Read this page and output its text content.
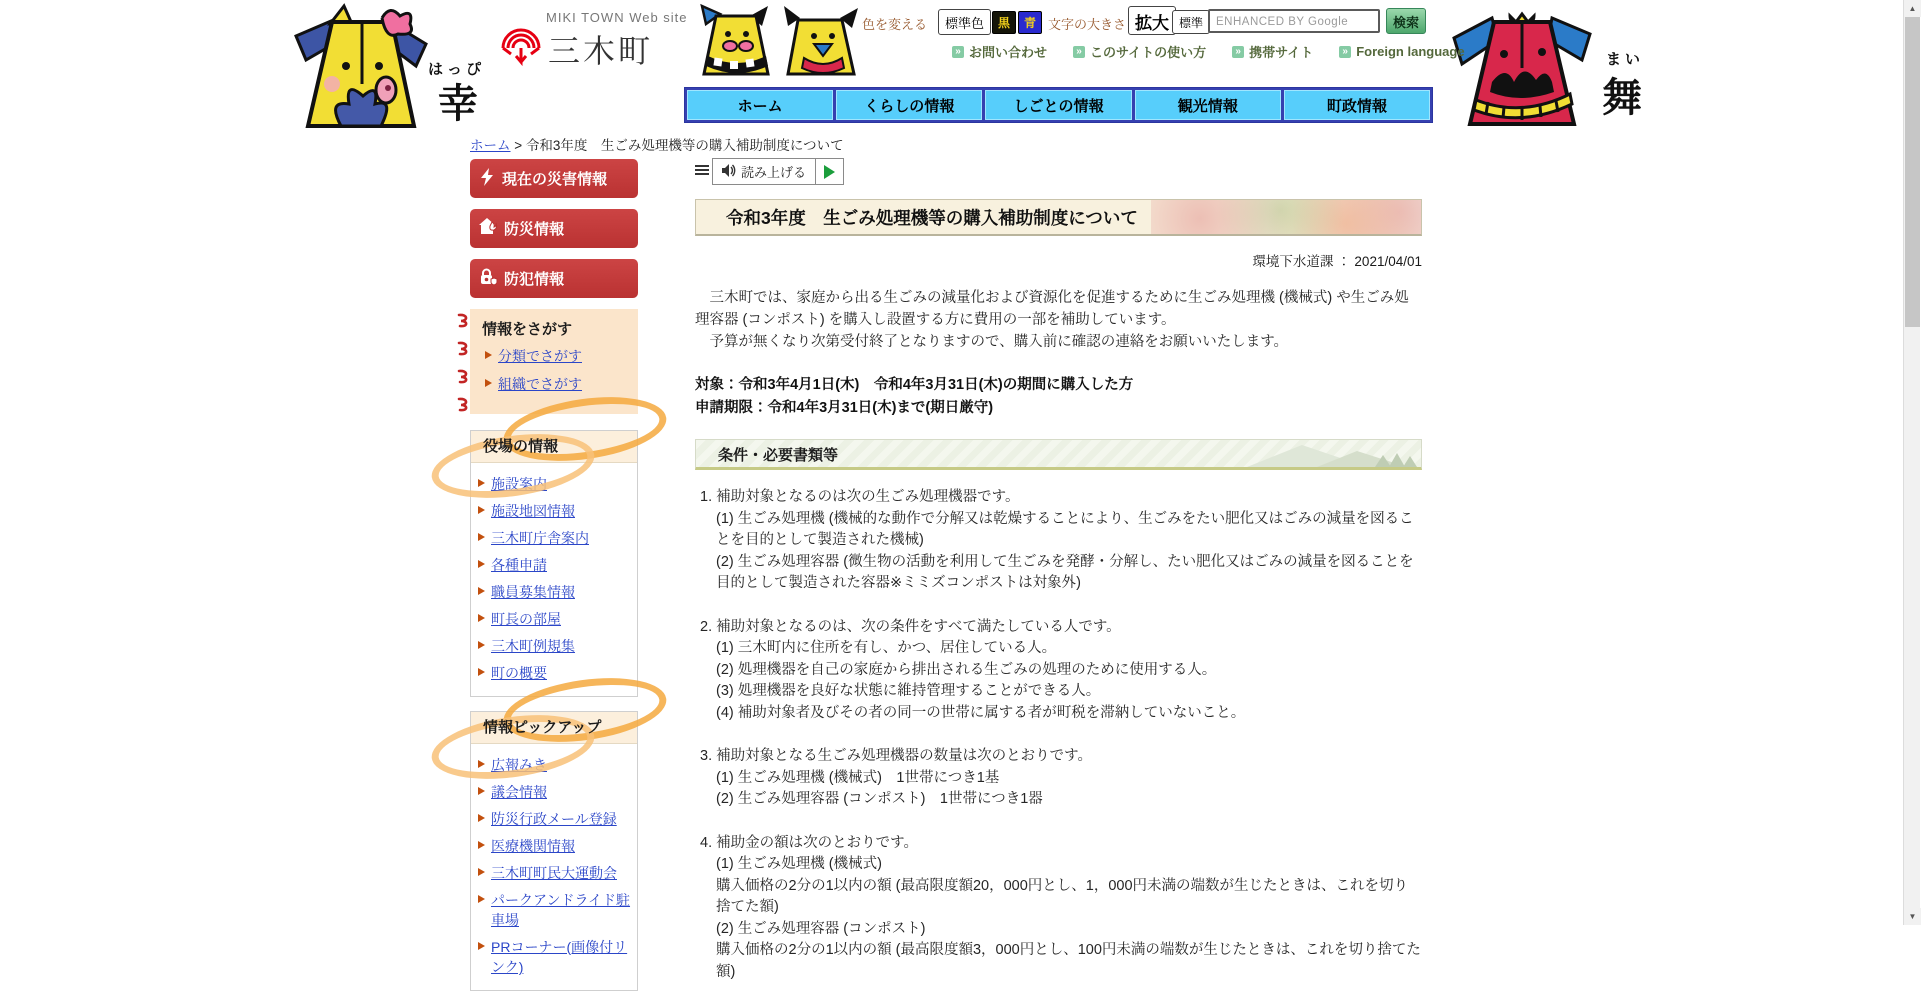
はっぴ
幸
MIKI TOWN Web site
三木町	まい
舞
色を変える	標準色	黒	青 文字の大きさ 拡大 標準
ENHANCED BY Google	検索
» お問い合わせ	» このサイトの使い方	» 携帯サイト	» Foreign language
ホーム	くらしの情報	しごとの情報	観光情報	町政情報
ホーム > 令和3年度　生ごみ処理機等の購入補助制度について
現在の災害情報
防災情報
防犯情報
情報をさがす
分類でさがす
組織でさがす
役場の情報
施設地図情報
三木町庁舎案内
各種申請
職員募集情報
町長の部屋
三木町例規集
町の概要
情報ピックアップ
議会情報
防災行政メール登録
医療機関情報
三木町町民大運動会
パークアンドライド駐車場
PRコーナー(画像付リンク)
読み上げる
令和3年度　生ごみ処理機等の購入補助制度について
環境下水道課 ： 2021/04/01

　三木町では、家庭から出る生ごみの減量化および資源化を促進するために生ごみ処理機 (機械式) や生ごみ処理容器 (コンポスト) を購入し設置する方に費用の一部を補助しています。

　予算が無くなり次第受付終了となりますので、購入前に確認の連絡をお願いいたします。

対象：令和3年4月1日(木)　令和4年3月31日(木)の期間に購入した方
申請期限：令和4年3月31日(木)まで(期日厳守)
条件・必要書類等
1. 補助対象となるのは次の生ごみ処理機器です。
(1) 生ごみ処理機 (機械的な動作で分解又は乾燥することにより、生ごみをたい肥化又はごみの減量を図ることを目的として製造された機械)
(2) 生ごみ処理容器 (微生物の活動を利用して生ごみを発酵・分解し、たい肥化又はごみの減量を図ることを目的として製造された容器※ミミズコンポストは対象外)
2. 補助対象となるのは、次の条件をすべて満たしている人です。
(1) 三木町内に住所を有し、かつ、居住している人。
(2) 処理機器を自己の家庭から排出される生ごみの処理のために使用する人。
(3) 処理機器を良好な状態に維持管理することができる人。
(4) 補助対象者及びその者の同一の世帯に属する者が町税を滞納していないこと。
3. 補助対象となる生ごみ処理機器の数量は次のとおりです。
(1) 生ごみ処理機 (機械式)　1世帯につき1基
(2) 生ごみ処理容器 (コンポスト)　1世帯につき1器
4. 補助金の額は次のとおりです。
(1) 生ごみ処理機 (機械式)
購入価格の2分の1以内の額 (最高限度額20，000円とし、1，000円未満の端数が生じたときは、これを切り捨てた額)
(2) 生ごみ処理容器 (コンポスト)
購入価格の2分の1以内の額 (最高限度額3，000円とし、100円未満の端数が生じたときは、これを切り捨てた額)
▲
▼
